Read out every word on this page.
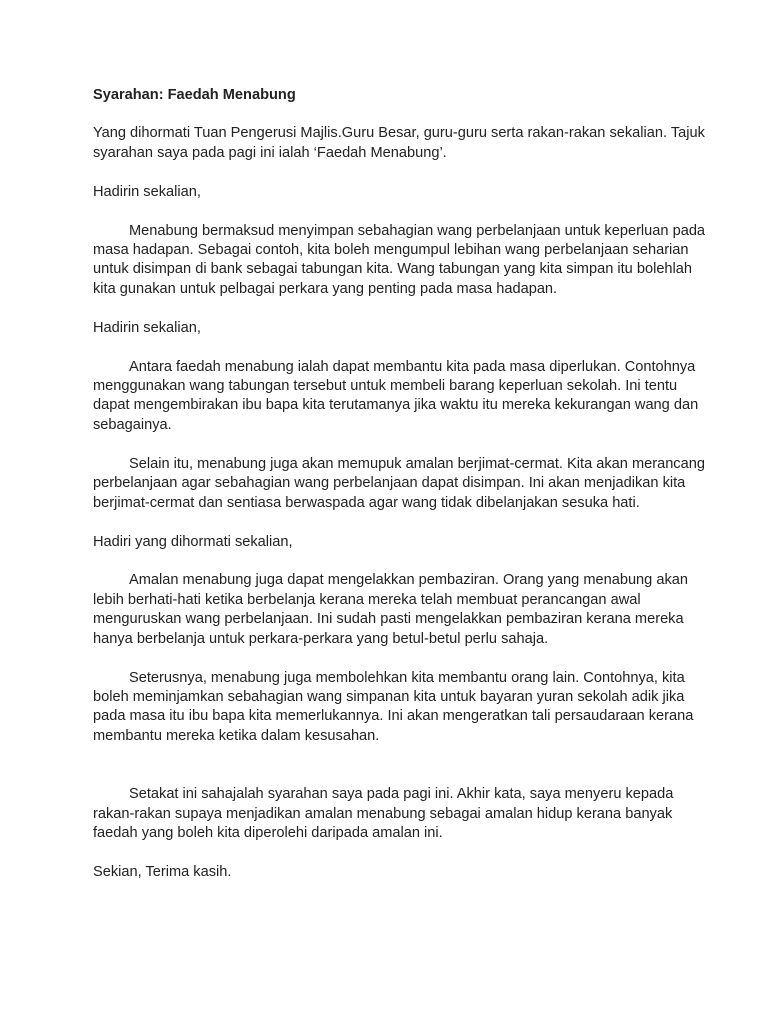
Syarahan: Faedah Menabung

Yang dihormati Tuan Pengerusi Majlis.Guru Besar, guru-guru serta rakan-rakan sekalian. Tajuk syarahan saya pada pagi ini ialah ‘Faedah Menabung’.

Hadirin sekalian,

Menabung bermaksud menyimpan sebahagian wang perbelanjaan untuk keperluan pada masa hadapan. Sebagai contoh, kita boleh mengumpul lebihan wang perbelanjaan seharian untuk disimpan di bank sebagai tabungan kita. Wang tabungan yang kita simpan itu bolehlah kita gunakan untuk pelbagai perkara yang penting pada masa hadapan.

Hadirin sekalian,

Antara faedah menabung ialah dapat membantu kita pada masa diperlukan. Contohnya menggunakan wang tabungan tersebut untuk membeli barang keperluan sekolah. Ini tentu dapat mengembirakan ibu bapa kita terutamanya jika waktu itu mereka kekurangan wang dan sebagainya.

Selain itu, menabung juga akan memupuk amalan berjimat-cermat. Kita akan merancang perbelanjaan agar sebahagian wang perbelanjaan dapat disimpan. Ini akan menjadikan kita berjimat-cermat dan sentiasa berwaspada agar wang tidak dibelanjakan sesuka hati.

Hadiri yang dihormati sekalian,

Amalan menabung juga dapat mengelakkan pembaziran. Orang yang menabung akan lebih berhati-hati ketika berbelanja kerana mereka telah membuat perancangan awal menguruskan wang perbelanjaan. Ini sudah pasti mengelakkan pembaziran kerana mereka hanya berbelanja untuk perkara-perkara yang betul-betul perlu sahaja.

Seterusnya, menabung juga membolehkan kita membantu orang lain. Contohnya, kita boleh meminjamkan sebahagian wang simpanan kita untuk bayaran yuran sekolah adik jika pada masa itu ibu bapa kita memerlukannya. Ini akan mengeratkan tali persaudaraan kerana membantu mereka ketika dalam kesusahan.

Setakat ini sahajalah syarahan saya pada pagi ini. Akhir kata, saya menyeru kepada rakan-rakan supaya menjadikan amalan menabung sebagai amalan hidup kerana banyak faedah yang boleh kita diperolehi daripada amalan ini.

Sekian, Terima kasih.
